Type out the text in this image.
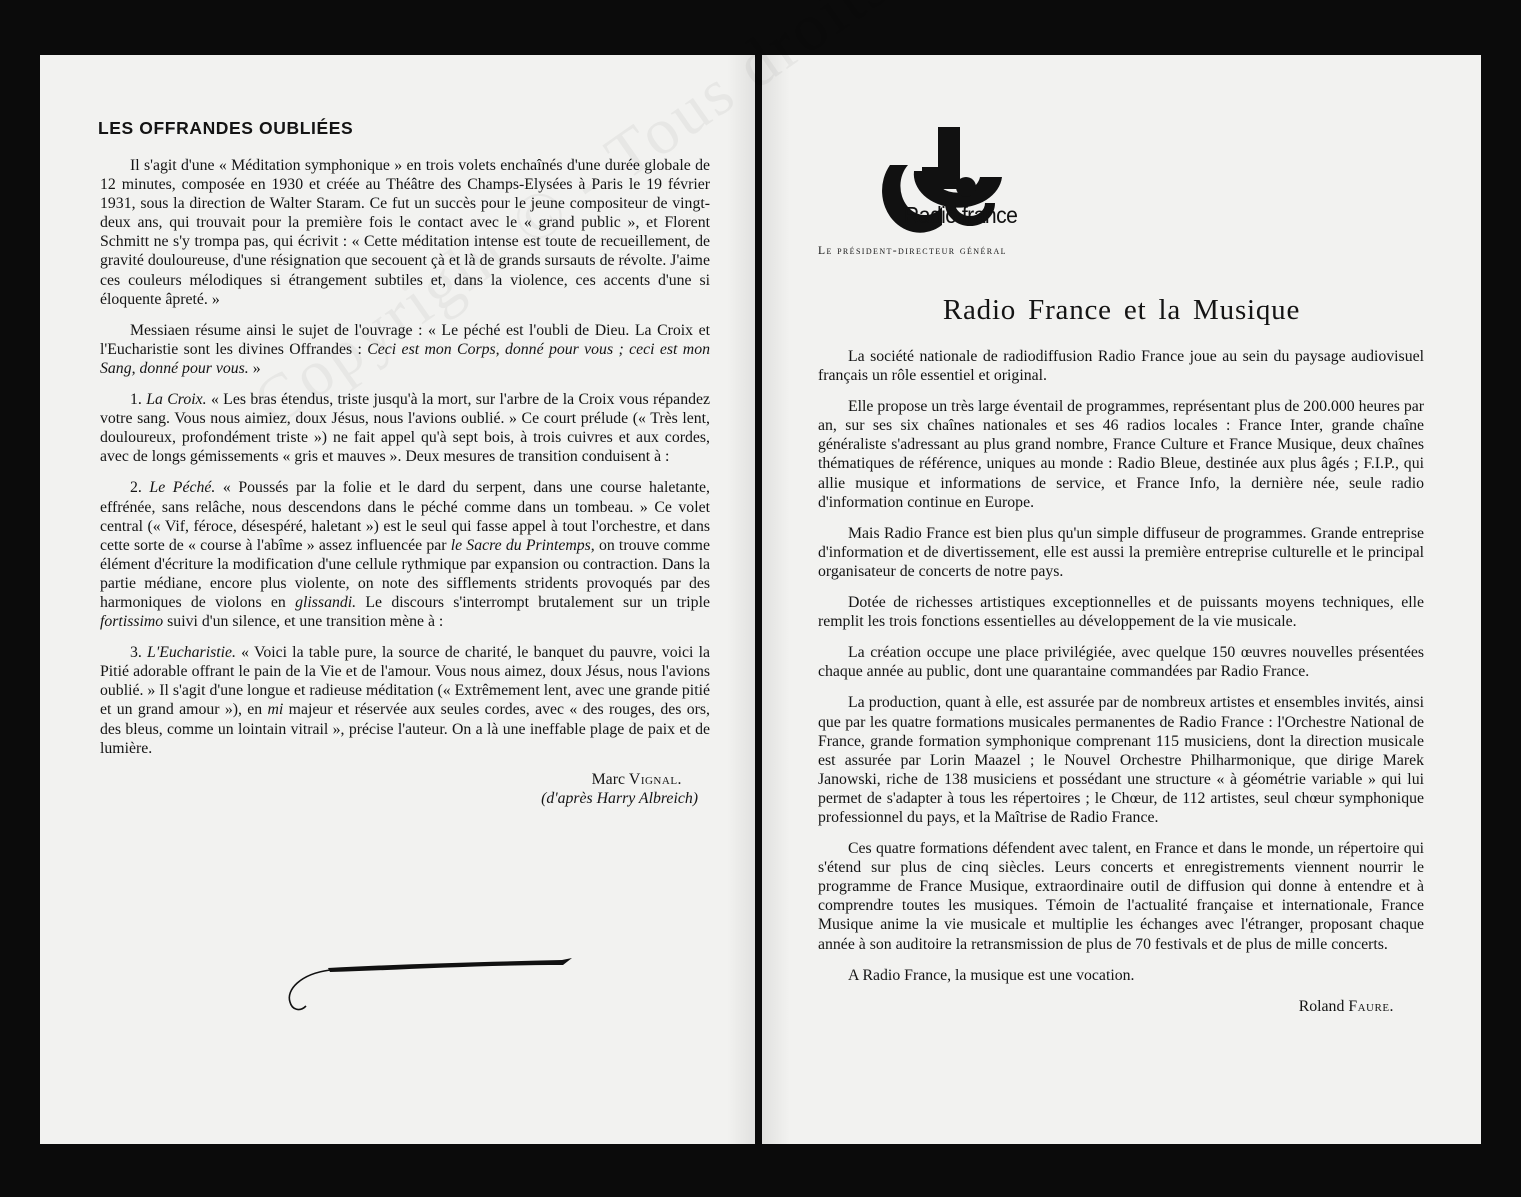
LES OFFRANDES OUBLIÉES

Il s'agit d'une « Méditation symphonique » en trois volets enchaînés d'une durée globale de 12 minutes, composée en 1930 et créée au Théâtre des Champs-Elysées à Paris le 19 février 1931, sous la direction de Walter Staram. Ce fut un succès pour le jeune compositeur de vingt-deux ans, qui trouvait pour la première fois le contact avec le « grand public », et Florent Schmitt ne s'y trompa pas, qui écrivit : « Cette méditation intense est toute de recueillement, de gravité douloureuse, d'une résignation que secouent çà et là de grands sursauts de révolte. J'aime ces couleurs mélodiques si étrangement subtiles et, dans la violence, ces accents d'une si éloquente âpreté. »

Messiaen résume ainsi le sujet de l'ouvrage : « Le péché est l'oubli de Dieu. La Croix et l'Eucharistie sont les divines Offrandes : Ceci est mon Corps, donné pour vous ; ceci est mon Sang, donné pour vous. »

1. La Croix. « Les bras étendus, triste jusqu'à la mort, sur l'arbre de la Croix vous répandez votre sang. Vous nous aimiez, doux Jésus, nous l'avions oublié. » Ce court prélude (« Très lent, douloureux, profondément triste ») ne fait appel qu'à sept bois, à trois cuivres et aux cordes, avec de longs gémissements « gris et mauves ». Deux mesures de transition conduisent à :

2. Le Péché. « Poussés par la folie et le dard du serpent, dans une course haletante, effrénée, sans relâche, nous descendons dans le péché comme dans un tombeau. » Ce volet central (« Vif, féroce, désespéré, haletant ») est le seul qui fasse appel à tout l'orchestre, et dans cette sorte de « course à l'abîme » assez influencée par le Sacre du Printemps, on trouve comme élément d'écriture la modification d'une cellule rythmique par expansion ou contraction. Dans la partie médiane, encore plus violente, on note des sifflements stridents provoqués par des harmoniques de violons en glissandi. Le discours s'interrompt brutalement sur un triple fortissimo suivi d'un silence, et une transition mène à :

3. L'Eucharistie. « Voici la table pure, la source de charité, le banquet du pauvre, voici la Pitié adorable offrant le pain de la Vie et de l'amour. Vous nous aimez, doux Jésus, nous l'avions oublié. » Il s'agit d'une longue et radieuse méditation (« Extrêmement lent, avec une grande pitié et un grand amour »), en mi majeur et réservée aux seules cordes, avec « des rouges, des ors, des bleus, comme un lointain vitrail », précise l'auteur. On a là une ineffable plage de paix et de lumière.

Marc Vignal.

(d'après Harry Albreich)

Radio france
Le président-directeur général
Radio France et la Musique

La société nationale de radiodiffusion Radio France joue au sein du paysage audiovisuel français un rôle essentiel et original.

Elle propose un très large éventail de programmes, représentant plus de 200.000 heures par an, sur ses six chaînes nationales et ses 46 radios locales : France Inter, grande chaîne généraliste s'adressant au plus grand nombre, France Culture et France Musique, deux chaînes thématiques de référence, uniques au monde : Radio Bleue, destinée aux plus âgés ; F.I.P., qui allie musique et informations de service, et France Info, la dernière née, seule radio d'information continue en Europe.

Mais Radio France est bien plus qu'un simple diffuseur de programmes. Grande entreprise d'information et de divertissement, elle est aussi la première entreprise culturelle et le principal organisateur de concerts de notre pays.

Dotée de richesses artistiques exceptionnelles et de puissants moyens techniques, elle remplit les trois fonctions essentielles au développement de la vie musicale.

La création occupe une place privilégiée, avec quelque 150 œuvres nouvelles présentées chaque année au public, dont une quarantaine commandées par Radio France.

La production, quant à elle, est assurée par de nombreux artistes et ensembles invités, ainsi que par les quatre formations musicales permanentes de Radio France : l'Orchestre National de France, grande formation symphonique comprenant 115 musiciens, dont la direction musicale est assurée par Lorin Maazel ; le Nouvel Orchestre Philharmonique, que dirige Marek Janowski, riche de 138 musiciens et possédant une structure « à géométrie variable » qui lui permet de s'adapter à tous les répertoires ; le Chœur, de 112 artistes, seul chœur symphonique professionnel du pays, et la Maîtrise de Radio France.

Ces quatre formations défendent avec talent, en France et dans le monde, un répertoire qui s'étend sur plus de cinq siècles. Leurs concerts et enregistrements viennent nourrir le programme de France Musique, extraordinaire outil de diffusion qui donne à entendre et à comprendre toutes les musiques. Témoin de l'actualité française et internationale, France Musique anime la vie musicale et multiplie les échanges avec l'étranger, proposant chaque année à son auditoire la retransmission de plus de 70 festivals et de plus de mille concerts.

A Radio France, la musique est une vocation.

Roland Faure.
